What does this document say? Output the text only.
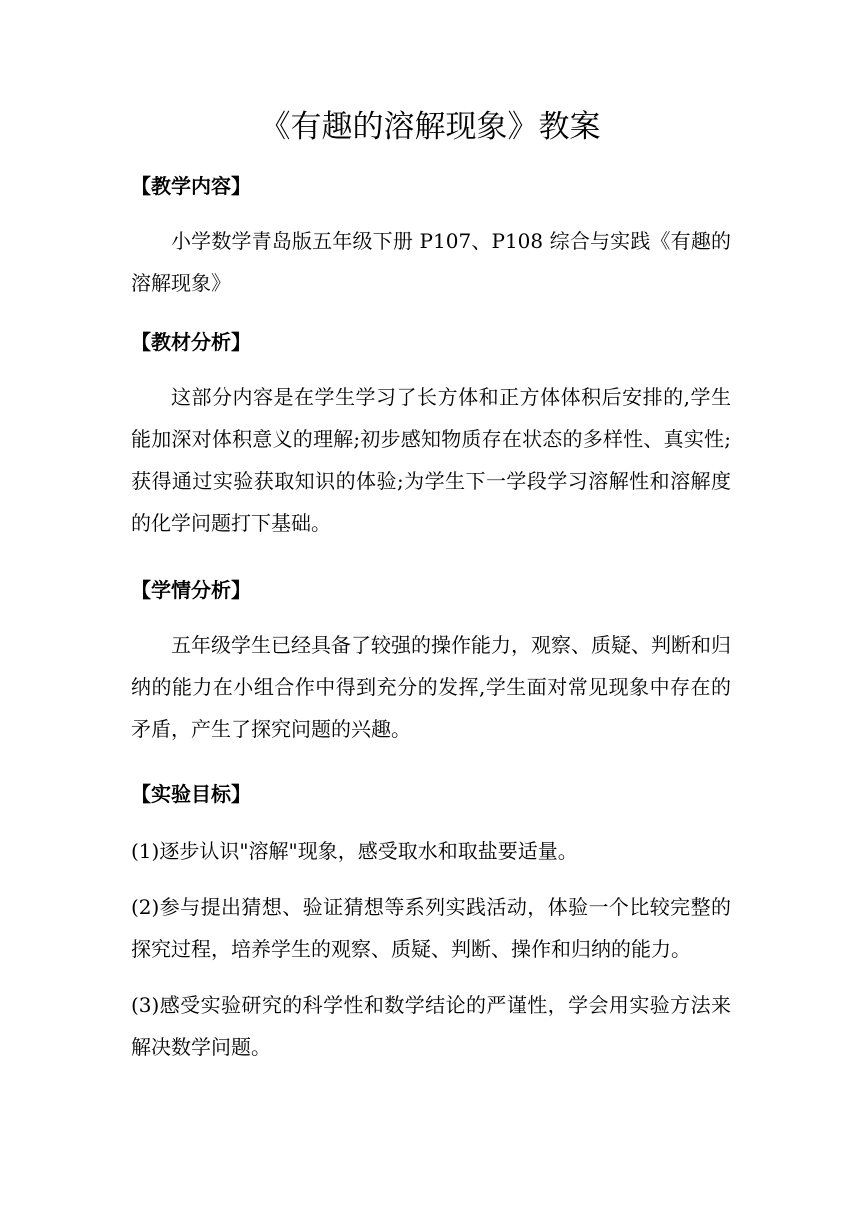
《有趣的溶解现象》教案
【教学内容】

小学数学青岛版五年级下册 P107、P108 综合与实践《有趣的溶解现象》

【教材分析】

这部分内容是在学生学习了长方体和正方体体积后安排的,学生能加深对体积意义的理解;初步感知物质存在状态的多样性、真实性;获得通过实验获取知识的体验;为学生下一学段学习溶解性和溶解度的化学问题打下基础。

【学情分析】

五年级学生已经具备了较强的操作能力，观察、质疑、判断和归纳的能力在小组合作中得到充分的发挥,学生面对常见现象中存在的矛盾，产生了探究问题的兴趣。

【实验目标】

(1)逐步认识"溶解"现象，感受取水和取盐要适量。

(2)参与提出猜想、验证猜想等系列实践活动，体验一个比较完整的探究过程，培养学生的观察、质疑、判断、操作和归纳的能力。

(3)感受实验研究的科学性和数学结论的严谨性，学会用实验方法来解决数学问题。
